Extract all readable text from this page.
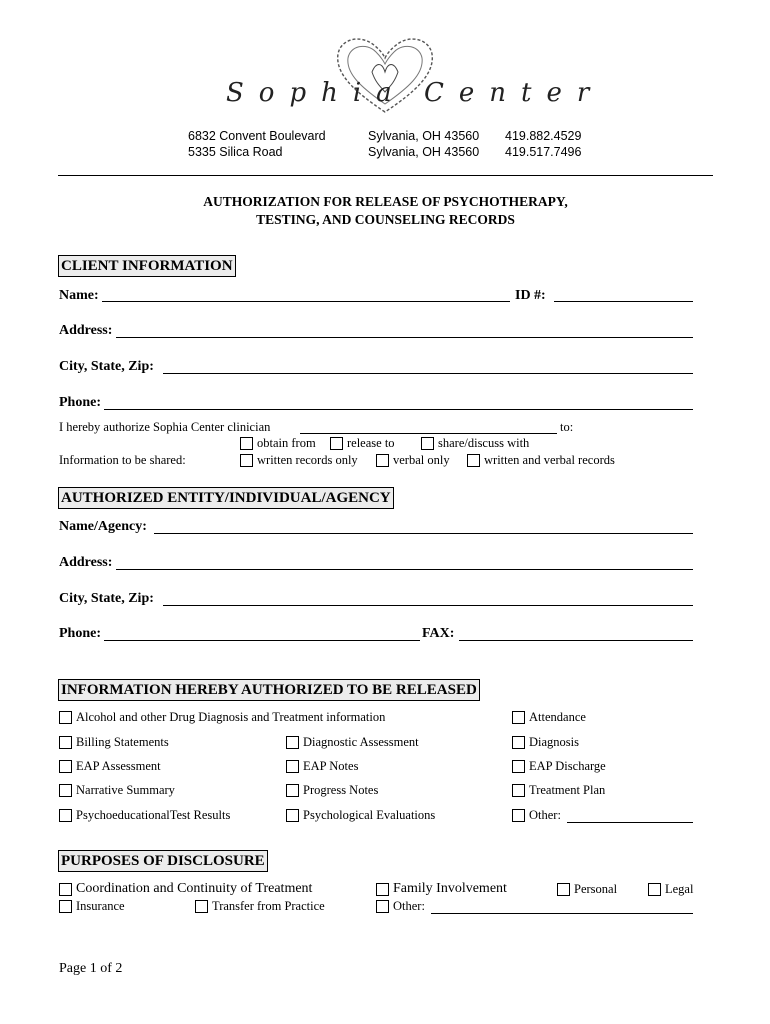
Sophia Center
6832 Convent Boulevard	Sylvania, OH 43560 419.882.4529
5335 Silica Road	Sylvania, OH 43560 419.517.7496
AUTHORIZATION FOR RELEASE OF PSYCHOTHERAPY,
TESTING, AND COUNSELING RECORDS
CLIENT INFORMATION
Name:	ID #:
Address:
City, State, Zip:
Phone:
I hereby authorize Sophia Center clinician	to:
obtain from	release to	share/discuss with
Information to be shared:	written records only	verbal only	written and verbal records
AUTHORIZED ENTITY/INDIVIDUAL/AGENCY
Name/Agency:
Address:
City, State, Zip:
Phone:	FAX:
INFORMATION HEREBY AUTHORIZED TO BE RELEASED
Alcohol and other Drug Diagnosis and Treatment information	Attendance
Billing Statements	Diagnostic Assessment	Diagnosis
EAP Assessment	EAP Notes	EAP Discharge
Narrative Summary	Progress Notes	Treatment Plan
PsychoeducationalTest Results	Psychological Evaluations	Other:
PURPOSES OF DISCLOSURE
Coordination and Continuity of Treatment	Family Involvement	Personal	Legal
Insurance	Transfer from Practice	Other:
Page 1 of 2
